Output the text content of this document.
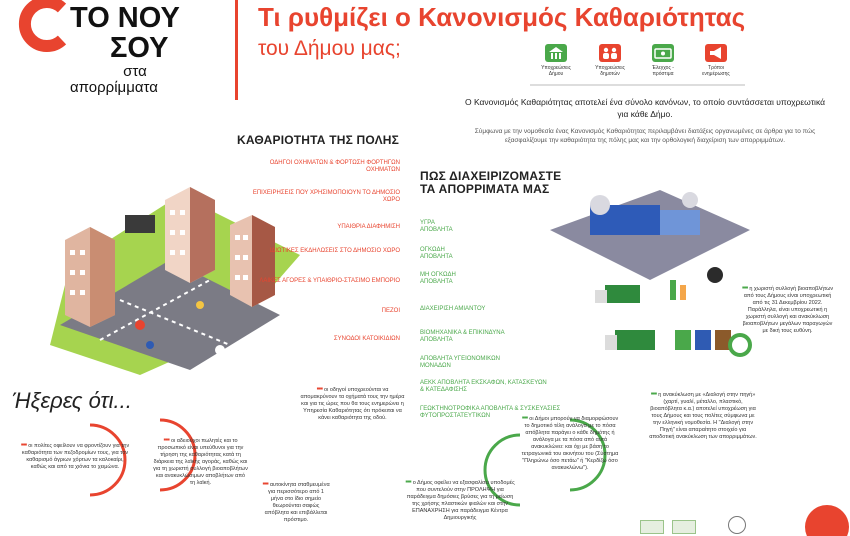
ΤΟ ΝΟΥ
ΣΟΥ
στα
απορρίμματα
Τι ρυθμίζει ο Κανονισμός Καθαριότητας
του Δήμου μας;
Υποχρεώσεις Δήμου
Υποχρεώσεις δημοτών
Έλεγχος - πρόστιμα
Τρόποι ενημέρωσης
Ο Κανονισμός Καθαριότητας αποτελεί ένα σύνολο κανόνων, το οποίο συντάσσεται υποχρεωτικά για κάθε Δήμο.
Σύμφωνα με την νομοθεσία ένας Κανονισμός Καθαριότητας περιλαμβάνει διατάξεις οργανωμένες σε άρθρα για το πώς εξασφαλίζουμε την καθαριότητα της πόλης μας και την ορθολογική διαχείριση των απορριμμάτων.
ΚΑΘΑΡΙΟΤΗΤΑ ΤΗΣ ΠΟΛΗΣ
ΟΔΗΓΟΙ ΟΧΗΜΑΤΩΝ & ΦΟΡΤΩΣΗ ΦΟΡΤΗΓΩΝ ΟΧΗΜΑΤΩΝ
ΕΠΙΧΕΙΡΗΣΕΙΣ ΠΟΥ ΧΡΗΣΙΜΟΠΟΙΟΥΝ ΤΟ ΔΗΜΟΣΙΟ ΧΩΡΟ
ΥΠΑΙΘΡΙΑ ΔΙΑΦΗΜΙΣΗ
ΙΔΙΩΤΙΚΕΣ ΕΚΔΗΛΩΣΕΙΣ ΣΤΟ ΔΗΜΟΣΙΟ ΧΩΡΟ
ΛΑΙΚΕΣ ΑΓΟΡΕΣ & ΥΠΑΙΘΡΙΟ-ΣΤΑΣΙΜΟ ΕΜΠΟΡΙΟ
ΠΕΖΟΙ
ΣΥΝΟΔΟΙ ΚΑΤΟΙΚΙΔΙΩΝ
ΠΩΣ ΔΙΑΧΕΙΡΙΖΟΜΑΣΤΕ
ΤΑ ΑΠΟΡΡΙΜΑΤΑ ΜΑΣ
ΥΓΡΑ ΑΠΟΒΛΗΤΑ
ΟΓΚΩΔΗ ΑΠΟΒΛΗΤΑ
ΜΗ ΟΓΚΩΔΗ ΑΠΟΒΛΗΤΑ
ΔΙΑΧΕΙΡΙΣΗ ΑΜΙΑΝΤΟΥ
ΒΙΟΜΗΧΑΝΙΚΑ & ΕΠΙΚΙΝΔΥΝΑ ΑΠΟΒΛΗΤΑ
ΑΠΟΒΛΗΤΑ ΥΓΕΙΟΝΟΜΙΚΩΝ ΜΟΝΑΔΩΝ
ΑΕΚΚ ΑΠΟΒΛΗΤΑ ΕΚΣΚΑΦΩΝ, ΚΑΤΑΣΚΕΥΩΝ & ΚΑΤΕΔΑΦΙΣΗΣ
ΓΕΩΚΤΗΝΟΤΡΟΦΙΚΑ ΑΠΟΒΛΗΤΑ & ΣΥΣΚΕΥΑΣΙΕΣ ΦΥΤΟΠΡΟΣΤΑΤΕΥΤΙΚΩΝ
Ήξερες ότι...
▪▪▪ οι πολίτες οφείλουν να φροντίζουν για την καθαριότητα των πεζοδρομίων τους, για τον καθαρισμό άγριων χόρτων τα καλοκαίρι, καθώς και από τα χιόνια το χειμώνα.
▪▪▪ οι αδειούχοι πωλητές και το προσωπικό είναι υπεύθυνοι για την τήρηση της καθαριότητας κατά τη διάρκεια της λαϊκής αγοράς, καθώς και για τη χωριστή συλλογή βιοαποβλήτων και ανακυκλώσιμων αποβλήτων από τη λαϊκή.	▪▪▪ αυτοκίνητα σταθμευμένα για περισσότερο από 1 μήνα στο ίδιο σημείο θεωρούνται σαφώς απόβλητα και επιβάλλεται πρόστιμο.
▪▪▪ οι οδηγοί υποχρεούνται να απομακρύνουν τα οχήματά τους την ημέρα και για τις ώρες που θα τους ενημερώνει η Υπηρεσία Καθαριότητας ότι πρόκειται να κάνει καθαριότητα της οδού.
▪▪▪ ο Δήμος οφείλει να εξασφαλίσει υποδομές που συντελούν στην ΠΡΟΛΗΨΗ για παράδειγμα δημόσιες βρύσες για τη μείωση της χρήσης πλαστικών φιαλών και στην ΕΠΑΝΑΧΡΗΣΗ για παράδειγμα Κέντρα Δημιουργικής
▪▪▪ οι Δήμοι μπορούν να διαμορφώσουν το δημοτικό τέλη ανάλογα με το πόσα απόβλητα παράγει ο κάθε δημότης ή ανάλογα με τα πόσα από αυτά ανακυκλώνει: και όχι με βάση το τετραγωνικά του ακινήτου του (Σύστημα "Πληρώνω όσο πετάω" ή "Κερδίζω όσο ανακυκλώνω").
▪▪▪ η ανακύκλωση με «Διαλογή στην πηγή» (χαρτί, γυαλί, μέταλλο, πλαστικό, βιοαπόβλητα κ.α.) αποτελεί υποχρέωση για τους Δήμους και τους πολίτες σύμφωνα με την ελληνική νομοθεσία. Η "Διαλογή στην Πηγή" είναι απαραίτητο στοιχείο για αποδοτική ανακύκλωση των απορριμμάτων.
▪▪▪ η χωριστή συλλογή βιοαποβλήτων από τους Δήμους είναι υποχρεωτική από τις 31 Δεκεμβρίου 2022. Παράλληλα, είναι υποχρεωτική η χωριστή συλλογή και ανακύκλωση βιοαποβλήτων μεγάλων παραγωγών με δική τους ευθύνη.
